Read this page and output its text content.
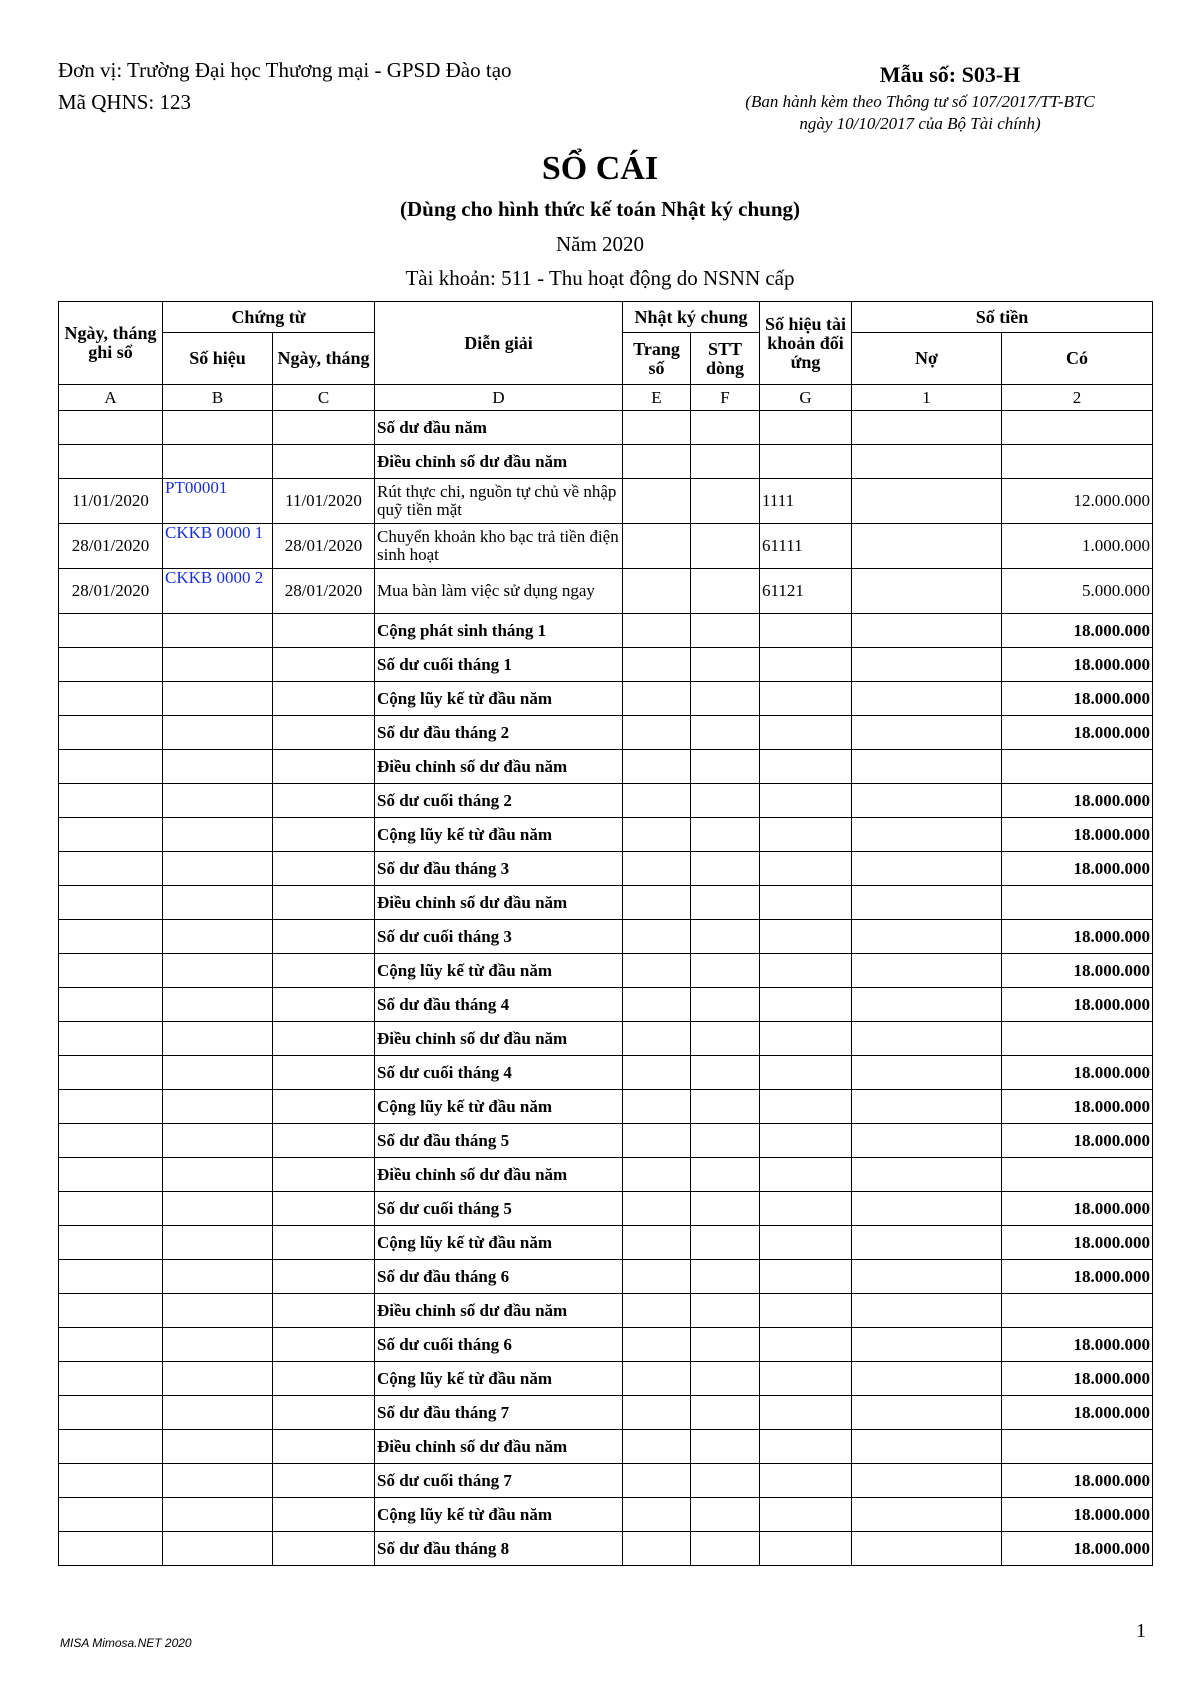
Đơn vị: Trường Đại học Thương mại - GPSD Đào tạo
Mã QHNS: 123
Mẫu số: S03-H
(Ban hành kèm theo Thông tư số 107/2017/TT-BTC
ngày 10/10/2017 của Bộ Tài chính)
SỔ CÁI
(Dùng cho hình thức kế toán Nhật ký chung)
Năm 2020
Tài khoản: 511 - Thu hoạt động do NSNN cấp
Ngày, tháng ghi sổ	Chứng từ		Diễn giải	Nhật ký chung		Số hiệu tài khoản đối ứng	Số tiền	
	Số hiệu	Ngày, tháng		Trang số	STT dòng		Nợ	Có
A	B	C	D	E	F	G	1	2
			Số dư đầu năm					
			Điều chỉnh số dư đầu năm					
11/01/2020	PT00001	11/01/2020	Rút thực chi, nguồn tự chủ về nhập quỹ tiền mặt			1111		12.000.000
28/01/2020	CKKB 0000 1	28/01/2020	Chuyển khoản kho bạc trả tiền điện sinh hoạt			61111		1.000.000
28/01/2020	CKKB 0000 2	28/01/2020	Mua bàn làm việc sử dụng ngay			61121		5.000.000
			Cộng phát sinh tháng 1					18.000.000
			Số dư cuối tháng 1					18.000.000
			Cộng lũy kế từ đầu năm					18.000.000
			Số dư đầu tháng 2					18.000.000
			Điều chỉnh số dư đầu năm					
			Số dư cuối tháng 2					18.000.000
			Cộng lũy kế từ đầu năm					18.000.000
			Số dư đầu tháng 3					18.000.000
			Điều chỉnh số dư đầu năm					
			Số dư cuối tháng 3					18.000.000
			Cộng lũy kế từ đầu năm					18.000.000
			Số dư đầu tháng 4					18.000.000
			Điều chỉnh số dư đầu năm					
			Số dư cuối tháng 4					18.000.000
			Cộng lũy kế từ đầu năm					18.000.000
			Số dư đầu tháng 5					18.000.000
			Điều chỉnh số dư đầu năm					
			Số dư cuối tháng 5					18.000.000
			Cộng lũy kế từ đầu năm					18.000.000
			Số dư đầu tháng 6					18.000.000
			Điều chỉnh số dư đầu năm					
			Số dư cuối tháng 6					18.000.000
			Cộng lũy kế từ đầu năm					18.000.000
			Số dư đầu tháng 7					18.000.000
			Điều chỉnh số dư đầu năm					
			Số dư cuối tháng 7					18.000.000
			Cộng lũy kế từ đầu năm					18.000.000
			Số dư đầu tháng 8					18.000.000
MISA Mimosa.NET 2020
1
